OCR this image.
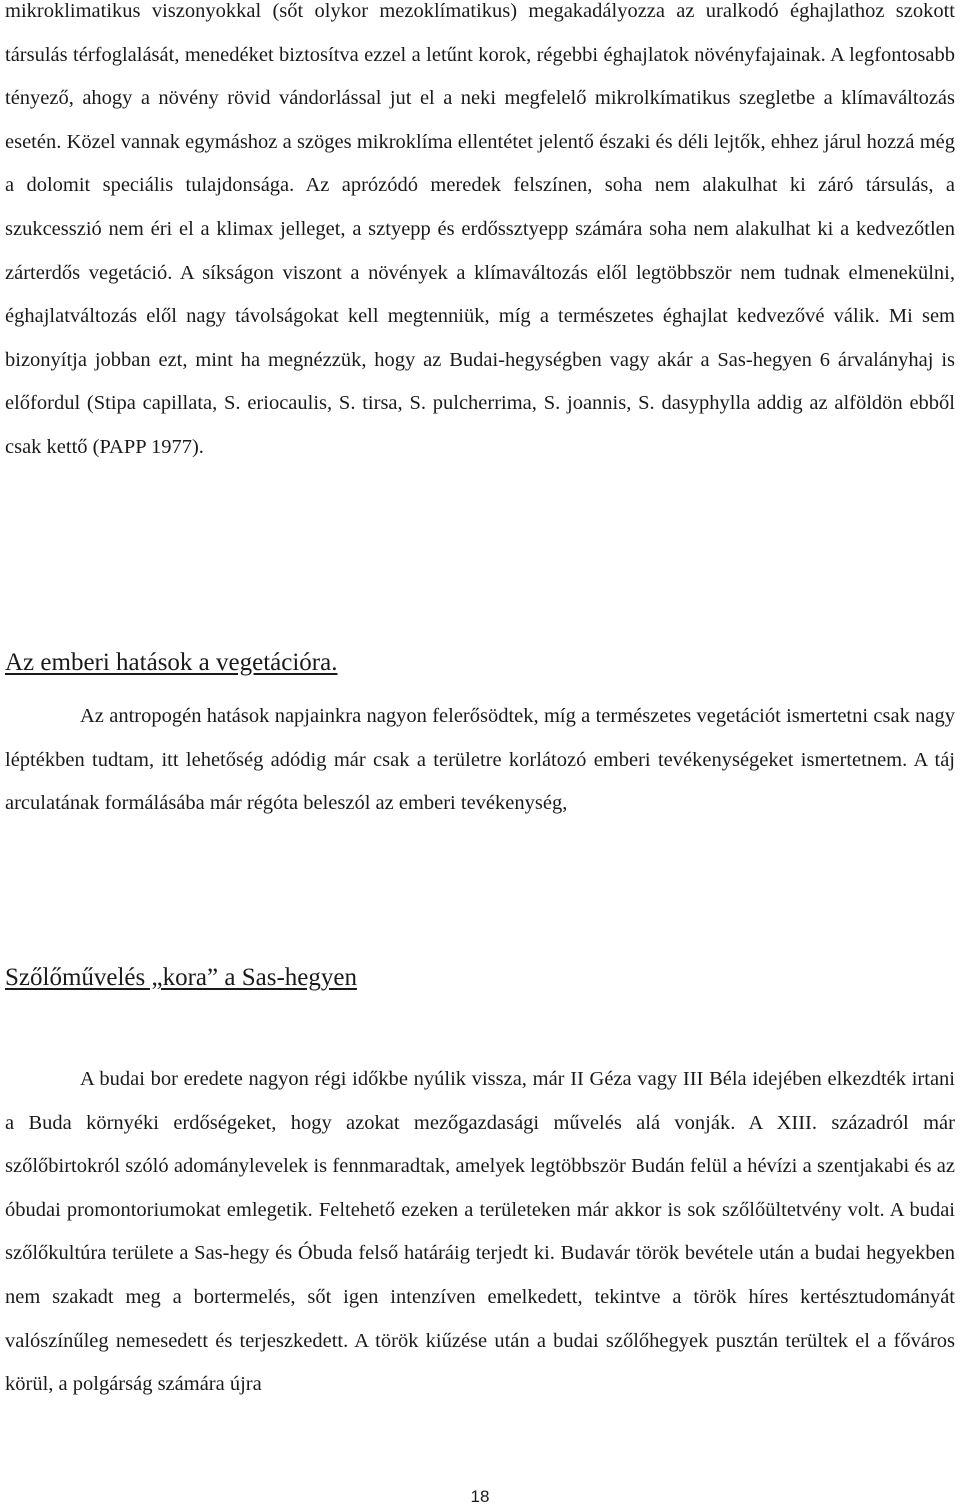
mikroklimatikus viszonyokkal (sőt olykor mezoklímatikus) megakadályozza az uralkodó éghajlathoz szokott társulás térfoglalását, menedéket biztosítva ezzel a letűnt korok, régebbi éghajlatok növényfajainak. A legfontosabb tényező, ahogy a növény rövid vándorlással jut el a neki megfelelő mikrolkímatikus szegletbe a klímaváltozás esetén. Közel vannak egymáshoz a szöges mikroklíma ellentétet jelentő északi és déli lejtők, ehhez járul hozzá még a dolomit speciális tulajdonsága. Az aprózódó meredek felszínen, soha nem alakulhat ki záró társulás, a szukcesszió nem éri el a klimax jelleget, a sztyepp és erdőssztyepp számára soha nem alakulhat ki a kedvezőtlen zárterdős vegetáció. A síkságon viszont a növények a klímaváltozás elől legtöbbször nem tudnak elmenekülni, éghajlatváltozás elől nagy távolságokat kell megtenniük, míg a természetes éghajlat kedvezővé válik. Mi sem bizonyítja jobban ezt, mint ha megnézzük, hogy az Budai-hegységben vagy akár a Sas-hegyen 6 árvalányhaj is előfordul (Stipa capillata, S. eriocaulis, S. tirsa, S. pulcherrima, S. joannis, S. dasyphylla addig az alföldön ebből csak kettő (PAPP 1977).

Az emberi hatások a vegetációra.

Az antropogén hatások napjainkra nagyon felerősödtek, míg a természetes vegetációt ismertetni csak nagy léptékben tudtam, itt lehetőség adódig már csak a területre korlátozó emberi tevékenységeket ismertetnem. A táj arculatának formálásába már régóta beleszól az emberi tevékenység,

Szőlőművelés „kora” a Sas-hegyen

A budai bor eredete nagyon régi időkbe nyúlik vissza, már II Géza vagy III Béla idejében elkezdték irtani a Buda környéki erdőségeket, hogy azokat mezőgazdasági művelés alá vonják. A XIII. századról már szőlőbirtokról szóló adománylevelek is fennmaradtak, amelyek legtöbbször Budán felül a hévízi a szentjakabi és az óbudai promontoriumokat emlegetik. Feltehető ezeken a területeken már akkor is sok szőlőültetvény volt. A budai szőlőkultúra területe a Sas-hegy és Óbuda felső határáig terjedt ki. Budavár török bevétele után a budai hegyekben nem szakadt meg a bortermelés, sőt igen intenzíven emelkedett, tekintve a török híres kertésztudományát valószínűleg nemesedett és terjeszkedett. A török kiűzése után a budai szőlőhegyek pusztán terültek el a főváros körül, a polgárság számára újra

18
